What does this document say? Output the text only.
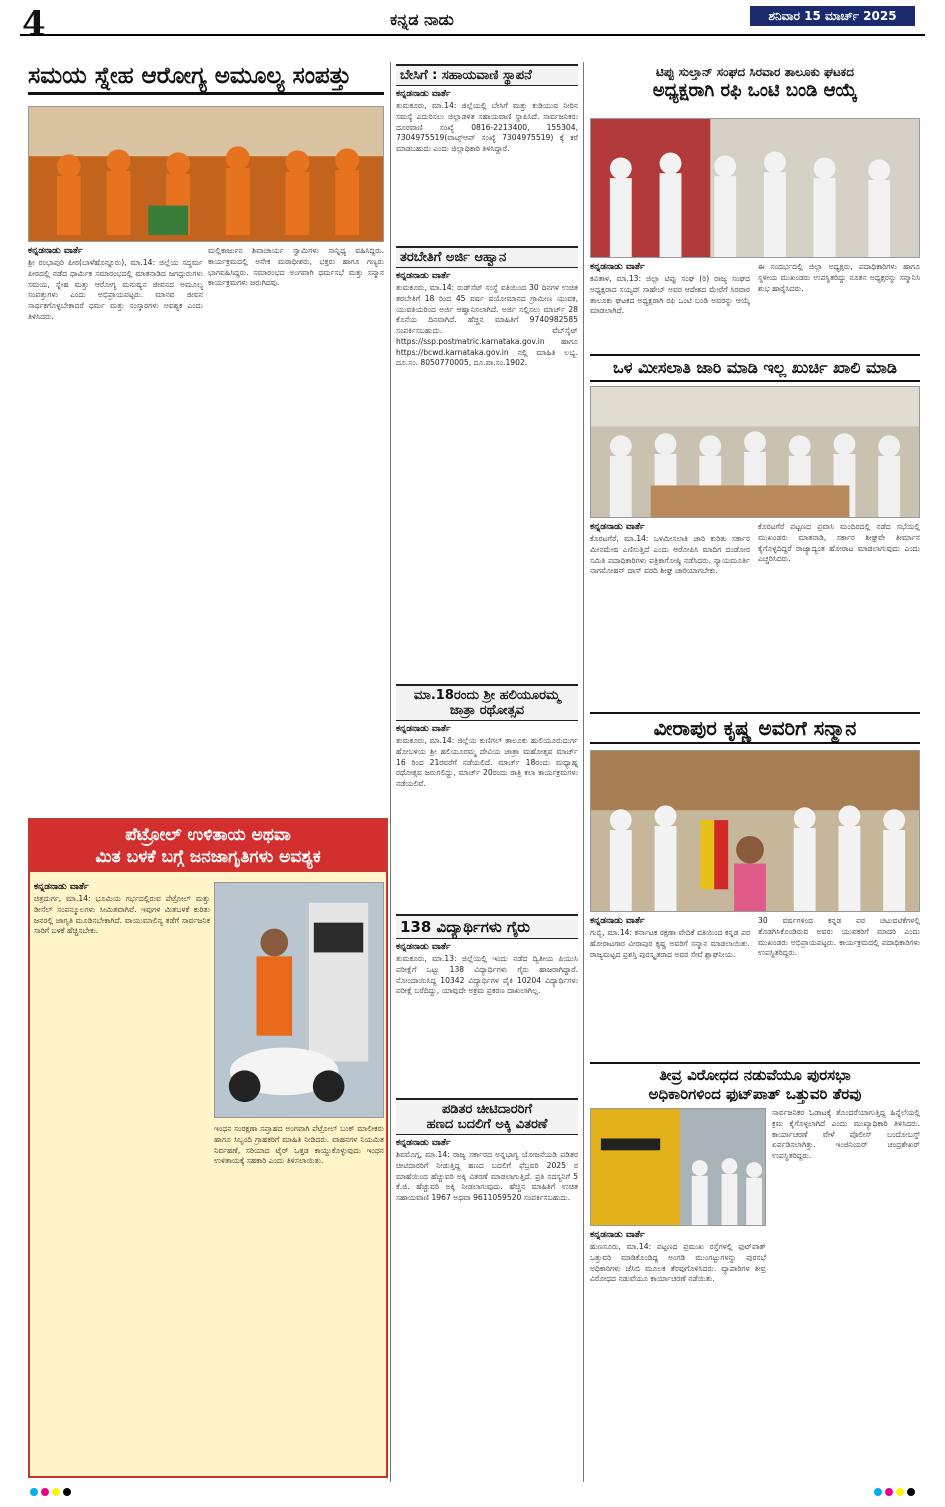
4	ಕನ್ನಡ ನಾಡು	ಶನಿವಾರ 15 ಮಾರ್ಚ್ 2025
ಸಮಯ ಸ್ನೇಹ ಆರೋಗ್ಯ ಅಮೂಲ್ಯ ಸಂಪತ್ತು
ಕನ್ನಡನಾಡು ವಾರ್ತೆ
ಶ್ರೀ ರಂಭಾಪುರಿ ಪೀಠ(ಬಾಳೆಹೊನ್ನೂರು), ಮಾ.14: ಜಿಲ್ಲೆಯ ಸದ್ಧರ್ಮ ಪೀಠದಲ್ಲಿ ನಡೆದ ಧಾರ್ಮಿಕ ಸಮಾರಂಭದಲ್ಲಿ ಮಾತನಾಡಿದ ಜಗದ್ಗುರುಗಳು ಸಮಯ, ಸ್ನೇಹ ಮತ್ತು ಆರೋಗ್ಯ ಮನುಷ್ಯನ ಜೀವನದ ಅಮೂಲ್ಯ ಸಂಪತ್ತುಗಳು ಎಂದು ಅಭಿಪ್ರಾಯಪಟ್ಟರು. ಮಾನವ ಜೀವನ ಸಾರ್ಥಕಗೊಳ್ಳಬೇಕಾದರೆ ಧರ್ಮ ಮತ್ತು ಸಂಸ್ಕಾರಗಳು ಅವಶ್ಯಕ ಎಂದು ತಿಳಿಸಿದರು.
ಮಲ್ಲಿಕಾರ್ಜುನ ಶಿವಾಚಾರ್ಯ ಸ್ವಾಮಿಗಳು ಸಾನ್ನಿಧ್ಯ ವಹಿಸಿದ್ದರು. ಕಾರ್ಯಕ್ರಮದಲ್ಲಿ ಅನೇಕ ಮಠಾಧೀಶರು, ಭಕ್ತರು ಹಾಗೂ ಗಣ್ಯರು ಭಾಗವಹಿಸಿದ್ದರು. ಸಮಾರಂಭದ ಅಂಗವಾಗಿ ಧರ್ಮಸಭೆ ಮತ್ತು ಸನ್ಮಾನ ಕಾರ್ಯಕ್ರಮಗಳು ಜರುಗಿದವು.
ಪೆಟ್ರೋಲ್ ಉಳಿತಾಯ ಅಥವಾ
ಮಿತ ಬಳಕೆ ಬಗ್ಗೆ ಜನಜಾಗೃತಿಗಳು ಅವಶ್ಯಕ
ಕನ್ನಡನಾಡು ವಾರ್ತೆ
ಚಿತ್ರದುರ್ಗ, ಮಾ.14: ಭೂಮಿಯ ಗರ್ಭದಲ್ಲಿರುವ ಪೆಟ್ರೋಲ್ ಮತ್ತು ಡೀಸೆಲ್ ಸಂಪನ್ಮೂಲಗಳು ಸೀಮಿತವಾಗಿವೆ. ಇವುಗಳ ಮಿತಬಳಕೆ ಕುರಿತು ಜನರಲ್ಲಿ ಜಾಗೃತಿ ಮೂಡಿಸಬೇಕಾಗಿದೆ. ವಾಯುಮಾಲಿನ್ಯ ತಡೆಗೆ ಸಾರ್ವಜನಿಕ ಸಾರಿಗೆ ಬಳಕೆ ಹೆಚ್ಚಿಸಬೇಕು.
ಇಂಧನ ಸಂರಕ್ಷಣಾ ಸಪ್ತಾಹದ ಅಂಗವಾಗಿ ಪೆಟ್ರೋಲ್ ಬಂಕ್ ಮಾಲೀಕರು ಹಾಗೂ ಸಿಬ್ಬಂದಿ ಗ್ರಾಹಕರಿಗೆ ಮಾಹಿತಿ ನೀಡಿದರು. ವಾಹನಗಳ ನಿಯಮಿತ ನಿರ್ವಹಣೆ, ಸರಿಯಾದ ಟೈರ್ ಒತ್ತಡ ಕಾಯ್ದುಕೊಳ್ಳುವುದು ಇಂಧನ ಉಳಿತಾಯಕ್ಕೆ ಸಹಕಾರಿ ಎಂದು ತಿಳಿಸಲಾಯಿತು.
ಬೇಸಿಗೆ : ಸಹಾಯವಾಣಿ ಸ್ಥಾಪನೆ
ಕನ್ನಡನಾಡು ವಾರ್ತೆ
ತುಮಕೂರು, ಮಾ.14: ಜಿಲ್ಲೆಯಲ್ಲಿ ಬೇಸಿಗೆ ಮತ್ತು ಕುಡಿಯುವ ನೀರಿನ ಸಮಸ್ಯೆ ಎದುರಿಸಲು ಜಿಲ್ಲಾಡಳಿತ ಸಹಾಯವಾಣಿ ಸ್ಥಾಪಿಸಿದೆ. ಸಾರ್ವಜನಿಕರು ದೂರವಾಣಿ ಸಂಖ್ಯೆ 0816-2213400, 155304, 7304975519(ವಾಟ್ಸ್‌ಆಪ್ ಸಂಖ್ಯೆ 7304975519) ಕ್ಕೆ ಕರೆ ಮಾಡಬಹುದು ಎಂದು ಜಿಲ್ಲಾಧಿಕಾರಿ ತಿಳಿಸಿದ್ದಾರೆ.
ತರಬೇತಿಗೆ ಅರ್ಜಿ ಆಹ್ವಾನ
ಕನ್ನಡನಾಡು ವಾರ್ತೆ
ತುಮಕೂರು, ಮಾ.14: ರುಡ್‌ಸೆಟ್ ಸಂಸ್ಥೆ ವತಿಯಿಂದ 30 ದಿನಗಳ ಉಚಿತ ತರಬೇತಿಗೆ 18 ರಿಂದ 45 ವರ್ಷ ವಯೋಮಾನದ ಗ್ರಾಮೀಣ ಯುವಕ, ಯುವತಿಯರಿಂದ ಅರ್ಜಿ ಆಹ್ವಾನಿಸಲಾಗಿದೆ. ಅರ್ಜಿ ಸಲ್ಲಿಸಲು ಮಾರ್ಚ್ 28 ಕೊನೆಯ ದಿನವಾಗಿದೆ. ಹೆಚ್ಚಿನ ಮಾಹಿತಿಗೆ 9740982585 ಸಂಪರ್ಕಿಸಬಹುದು. ವೆಬ್‌ಸೈಟ್ https://ssp.postmatric.karnataka.gov.in ಹಾಗೂ https://bcwd.karnataka.gov.in ನಲ್ಲಿ ಮಾಹಿತಿ ಲಭ್ಯ. ದೂ.ಸಂ. 8050770005, ದೂ.ವಾ.ಸಂ.1902.
ಮಾ.18ರಂದು ಶ್ರೀ ಹಲಿಯೂರಮ್ಮ
ಜಾತ್ರಾ ರಥೋತ್ಸವ
ಕನ್ನಡನಾಡು ವಾರ್ತೆ
ತುಮಕೂರು, ಮಾ.14: ಜಿಲ್ಲೆಯ ಕುಣಿಗಲ್ ತಾಲೂಕು ಹುಲಿಯೂರುದುರ್ಗ ಹೋಬಳಿಯ ಶ್ರೀ ಹಲಿಯೂರಮ್ಮ ದೇವಿಯ ಜಾತ್ರಾ ಮಹೋತ್ಸವ ಮಾರ್ಚ್ 16 ರಿಂದ 21ರವರೆಗೆ ನಡೆಯಲಿದೆ. ಮಾರ್ಚ್ 18ರಂದು ಮಧ್ಯಾಹ್ನ ರಥೋತ್ಸವ ಜರುಗಲಿದ್ದು, ಮಾರ್ಚ್ 20ರಂದು ರಾತ್ರಿ ಕಲಾ ಕಾರ್ಯಕ್ರಮಗಳು ನಡೆಯಲಿವೆ.
138 ವಿದ್ಯಾರ್ಥಿಗಳು ಗೈರು
ಕನ್ನಡನಾಡು ವಾರ್ತೆ
ತುಮಕೂರು, ಮಾ.13: ಜಿಲ್ಲೆಯಲ್ಲಿ ಇಂದು ನಡೆದ ದ್ವಿತೀಯ ಪಿಯುಸಿ ಪರೀಕ್ಷೆಗೆ ಒಟ್ಟು 138 ವಿದ್ಯಾರ್ಥಿಗಳು ಗೈರು ಹಾಜರಾಗಿದ್ದಾರೆ. ನೋಂದಾಯಿಸಿದ್ದ 10342 ವಿದ್ಯಾರ್ಥಿಗಳ ಪೈಕಿ 10204 ವಿದ್ಯಾರ್ಥಿಗಳು ಪರೀಕ್ಷೆ ಬರೆದಿದ್ದು, ಯಾವುದೇ ಅಕ್ರಮ ಪ್ರಕರಣ ದಾಖಲಾಗಿಲ್ಲ.
ಪಡಿತರ ಚೀಟಿದಾರರಿಗೆ
ಹಣದ ಬದಲಿಗೆ ಅಕ್ಕಿ ವಿತರಣೆ
ಕನ್ನಡನಾಡು ವಾರ್ತೆ
ಶಿವಮೊಗ್ಗ, ಮಾ.14: ರಾಜ್ಯ ಸರ್ಕಾರದ ಅನ್ನಭಾಗ್ಯ ಯೋಜನೆಯಡಿ ಪಡಿತರ ಚೀಟಿದಾರರಿಗೆ ನೀಡುತ್ತಿದ್ದ ಹಣದ ಬದಲಿಗೆ ಫೆಬ್ರವರಿ 2025 ರ ಮಾಹೆಯಿಂದ ಹೆಚ್ಚುವರಿ ಅಕ್ಕಿ ವಿತರಣೆ ಮಾಡಲಾಗುತ್ತಿದೆ. ಪ್ರತಿ ಸದಸ್ಯನಿಗೆ 5 ಕೆ.ಜಿ. ಹೆಚ್ಚುವರಿ ಅಕ್ಕಿ ನೀಡಲಾಗುವುದು. ಹೆಚ್ಚಿನ ಮಾಹಿತಿಗೆ ಉಚಿತ ಸಹಾಯವಾಣಿ 1967 ಅಥವಾ 9611059520 ಸಂಪರ್ಕಿಸಬಹುದು.
ಟಿಪ್ಪು ಸುಲ್ತಾನ್ ಸಂಘದ ಸಿರವಾರ ತಾಲೂಕು ಘಟಕದ
ಅಧ್ಯಕ್ಷರಾಗಿ ರಫಿ ಒಂಟಿ ಬಂಡಿ ಆಯ್ಕೆ
ಕನ್ನಡನಾಡು ವಾರ್ತೆ
ಕವಿತಾಳ, ಮಾ.13: ಜಿಲ್ಲಾ ಟಿಪ್ಪು ಸಂಘ (ರಿ) ರಾಜ್ಯ ಸಂಘದ ಅಧ್ಯಕ್ಷರಾದ ಸಯ್ಯದ್ ಸಾಹೇಬ್ ಅವರ ಆದೇಶದ ಮೇರೆಗೆ ಸಿರವಾರ ತಾಲೂಕು ಘಟಕದ ಅಧ್ಯಕ್ಷರಾಗಿ ರಫಿ ಒಂಟಿ ಬಂಡಿ ಅವರನ್ನು ಆಯ್ಕೆ ಮಾಡಲಾಗಿದೆ.
ಈ ಸಂದರ್ಭದಲ್ಲಿ ಜಿಲ್ಲಾ ಅಧ್ಯಕ್ಷರು, ಪದಾಧಿಕಾರಿಗಳು ಹಾಗೂ ಸ್ಥಳೀಯ ಮುಖಂಡರು ಉಪಸ್ಥಿತರಿದ್ದು ನೂತನ ಅಧ್ಯಕ್ಷರನ್ನು ಸನ್ಮಾನಿಸಿ ಶುಭ ಹಾರೈಸಿದರು.
ಒಳ ಮೀಸಲಾತಿ ಜಾರಿ ಮಾಡಿ ಇಲ್ಲ ಖುರ್ಚಿ ಖಾಲಿ ಮಾಡಿ
ಕನ್ನಡನಾಡು ವಾರ್ತೆ
ಕೊರಟಗೆರೆ, ಮಾ.14: ಒಳಮೀಸಲಾತಿ ಜಾರಿ ಕುರಿತು ಸರ್ಕಾರ ಮೀನಮೇಷ ಎಣಿಸುತ್ತಿದೆ ಎಂದು ಆರೋಪಿಸಿ ಮಾದಿಗ ದಂಡೋರ ಸಮಿತಿ ಪದಾಧಿಕಾರಿಗಳು ಪತ್ರಿಕಾಗೋಷ್ಠಿ ನಡೆಸಿದರು. ನ್ಯಾಯಮೂರ್ತಿ ನಾಗಮೋಹನ್ ದಾಸ್ ವರದಿ ಶೀಘ್ರ ಜಾರಿಯಾಗಬೇಕು.
ಕೊರಟಗೆರೆ ಪಟ್ಟಣದ ಪ್ರವಾಸಿ ಮಂದಿರದಲ್ಲಿ ನಡೆದ ಸಭೆಯಲ್ಲಿ ಮುಖಂಡರು ಮಾತನಾಡಿ, ಸರ್ಕಾರ ಶೀಘ್ರವೇ ತೀರ್ಮಾನ ಕೈಗೊಳ್ಳದಿದ್ದರೆ ರಾಜ್ಯಾದ್ಯಂತ ಹೋರಾಟ ಮಾಡಲಾಗುವುದು ಎಂದು ಎಚ್ಚರಿಸಿದರು.
ವೀರಾಪುರ ಕೃಷ್ಣ ಅವರಿಗೆ ಸನ್ಮಾನ
ಕನ್ನಡನಾಡು ವಾರ್ತೆ
ಗುಬ್ಬಿ, ಮಾ.14: ಕರ್ನಾಟಕ ರಕ್ಷಣಾ ವೇದಿಕೆ ವತಿಯಿಂದ ಕನ್ನಡ ಪರ ಹೋರಾಟಗಾರ ವೀರಾಪುರ ಕೃಷ್ಣ ಅವರಿಗೆ ಸನ್ಮಾನ ಮಾಡಲಾಯಿತು. ರಾಜ್ಯಮಟ್ಟದ ಪ್ರಶಸ್ತಿ ಪುರಸ್ಕೃತರಾದ ಅವರ ಸೇವೆ ಶ್ಲಾಘನೀಯ.
30 ವರ್ಷಗಳಿಂದ ಕನ್ನಡ ಪರ ಚಟುವಟಿಕೆಗಳಲ್ಲಿ ತೊಡಗಿಸಿಕೊಂಡಿರುವ ಅವರು ಯುವಕರಿಗೆ ಮಾದರಿ ಎಂದು ಮುಖಂಡರು ಅಭಿಪ್ರಾಯಪಟ್ಟರು. ಕಾರ್ಯಕ್ರಮದಲ್ಲಿ ಪದಾಧಿಕಾರಿಗಳು ಉಪಸ್ಥಿತರಿದ್ದರು.
ತೀವ್ರ ವಿರೋಧದ ನಡುವೆಯೂ ಪುರಸಭಾ
ಅಧಿಕಾರಿಗಳಿಂದ ಫುಟ್‌ಪಾತ್ ಒತ್ತುವರಿ ತೆರವು
ಕನ್ನಡನಾಡು ವಾರ್ತೆ
ಹುಣಸೂರು, ಮಾ.14: ಪಟ್ಟಣದ ಪ್ರಮುಖ ರಸ್ತೆಗಳಲ್ಲಿ ಫುಟ್‌ಪಾತ್ ಒತ್ತುವರಿ ಮಾಡಿಕೊಂಡಿದ್ದ ಅಂಗಡಿ ಮುಂಗಟ್ಟುಗಳನ್ನು ಪುರಸಭೆ ಅಧಿಕಾರಿಗಳು ಜೆಸಿಬಿ ಮೂಲಕ ತೆರವುಗೊಳಿಸಿದರು. ವ್ಯಾಪಾರಿಗಳ ತೀವ್ರ ವಿರೋಧದ ನಡುವೆಯೂ ಕಾರ್ಯಾಚರಣೆ ನಡೆಯಿತು.
ಸಾರ್ವಜನಿಕರ ಓಡಾಟಕ್ಕೆ ತೊಂದರೆಯಾಗುತ್ತಿದ್ದ ಹಿನ್ನೆಲೆಯಲ್ಲಿ ಕ್ರಮ ಕೈಗೊಳ್ಳಲಾಗಿದೆ ಎಂದು ಮುಖ್ಯಾಧಿಕಾರಿ ತಿಳಿಸಿದರು. ಕಾರ್ಯಾಚರಣೆ ವೇಳೆ ಪೊಲೀಸ್ ಬಂದೋಬಸ್ತ್ ಏರ್ಪಡಿಸಲಾಗಿತ್ತು. ಇಂಜಿನಿಯರ್ ಚಂದ್ರಶೇಖರ್ ಉಪಸ್ಥಿತರಿದ್ದರು.
